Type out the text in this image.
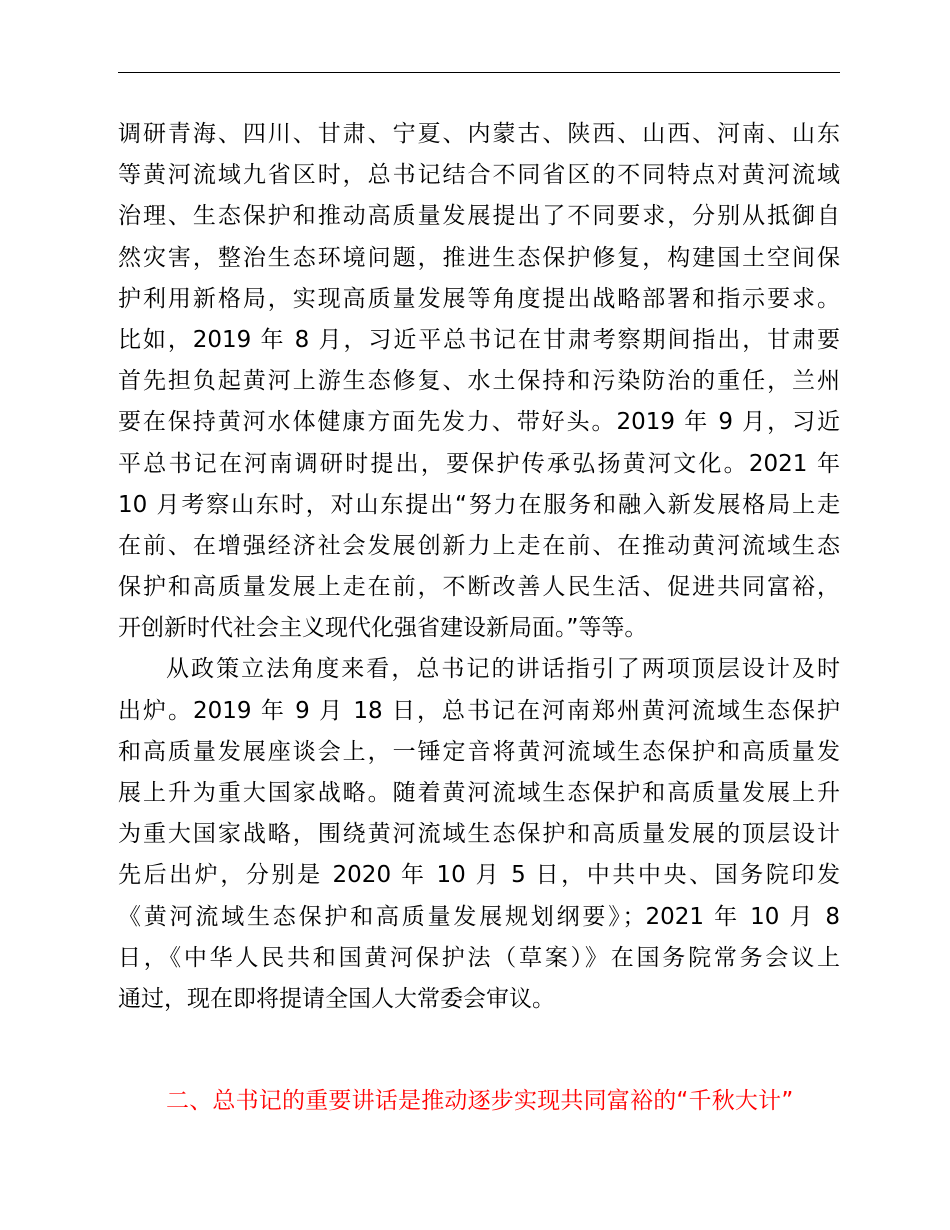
调研青海、四川、甘肃、宁夏、内蒙古、陕西、山西、河南、山东
等黄河流域九省区时，总书记结合不同省区的不同特点对黄河流域
治理、生态保护和推动高质量发展提出了不同要求，分别从抵御自
然灾害，整治生态环境问题，推进生态保护修复，构建国土空间保
护利用新格局，实现高质量发展等角度提出战略部署和指示要求。
比如，2019 年 8 月，习近平总书记在甘肃考察期间指出，甘肃要
首先担负起黄河上游生态修复、水土保持和污染防治的重任，兰州
要在保持黄河水体健康方面先发力、带好头。2019 年 9 月，习近
平总书记在河南调研时提出，要保护传承弘扬黄河文化。2021 年
10 月考察山东时，对山东提出“努力在服务和融入新发展格局上走
在前、在增强经济社会发展创新力上走在前、在推动黄河流域生态
保护和高质量发展上走在前，不断改善人民生活、促进共同富裕，
开创新时代社会主义现代化强省建设新局面。”等等。
从政策立法角度来看，总书记的讲话指引了两项顶层设计及时
出炉。2019 年 9 月 18 日，总书记在河南郑州黄河流域生态保护
和高质量发展座谈会上，一锤定音将黄河流域生态保护和高质量发
展上升为重大国家战略。随着黄河流域生态保护和高质量发展上升
为重大国家战略，围绕黄河流域生态保护和高质量发展的顶层设计
先后出炉，分别是 2020 年 10 月 5 日，中共中央、国务院印发
《黄河流域生态保护和高质量发展规划纲要》；2021 年 10 月 8
日，《中华人民共和国黄河保护法（草案）》在国务院常务会议上
通过，现在即将提请全国人大常委会审议。
二、总书记的重要讲话是推动逐步实现共同富裕的“千秋大计”
